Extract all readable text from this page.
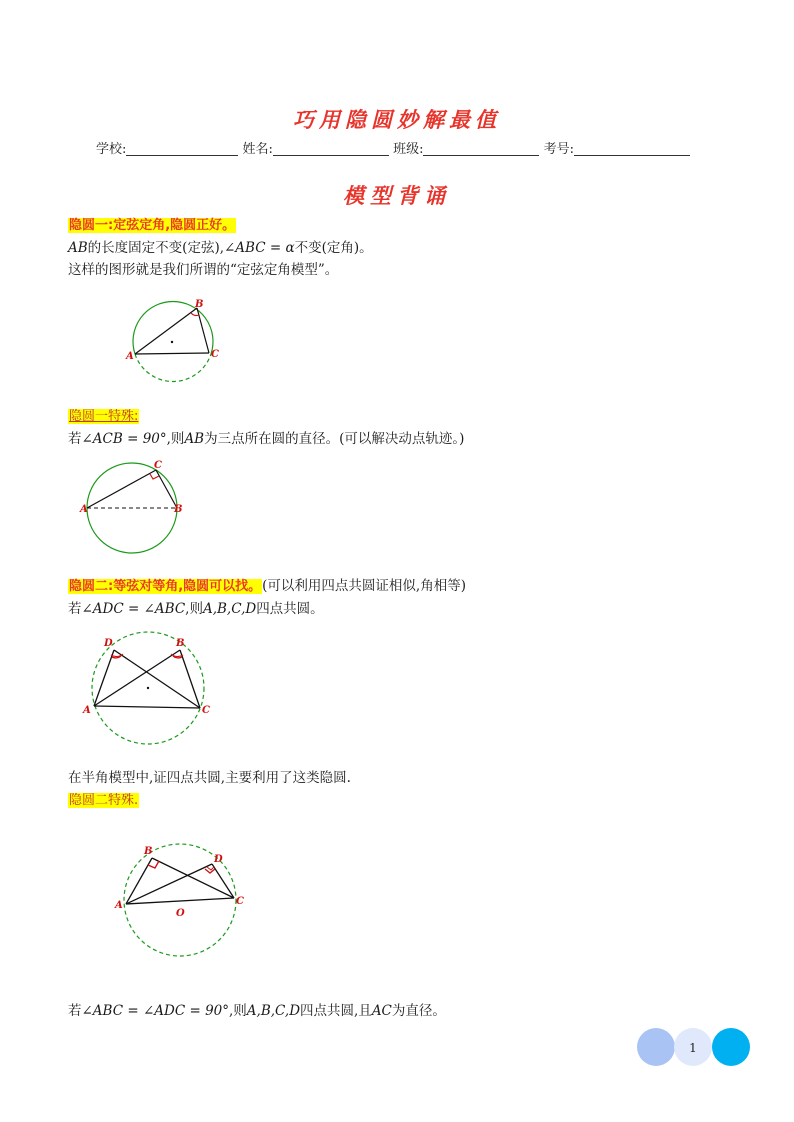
巧用隐圆妙解最值
学校:	姓名:	班级:	考号:
模型背诵
隐圆一:定弦定角,隐圆正好。
AB的长度固定不变(定弦),∠ABC = α不变(定角)。
这样的图形就是我们所谓的“定弦定角模型”。
A
B
C
隐圆一特殊:
若∠ACB = 90°,则AB为三点所在圆的直径。(可以解决动点轨迹。)
A
C
B
隐圆二:等弦对等角,隐圆可以找。(可以利用四点共圆证相似,角相等)
若∠ADC = ∠ABC,则A,B,C,D四点共圆。
A
D	B
C
在半角模型中,证四点共圆,主要利用了这类隐圆.
隐圆二特殊.
A
B
D
C
O
若∠ABC = ∠ADC = 90°,则A,B,C,D四点共圆,且AC为直径。
1
